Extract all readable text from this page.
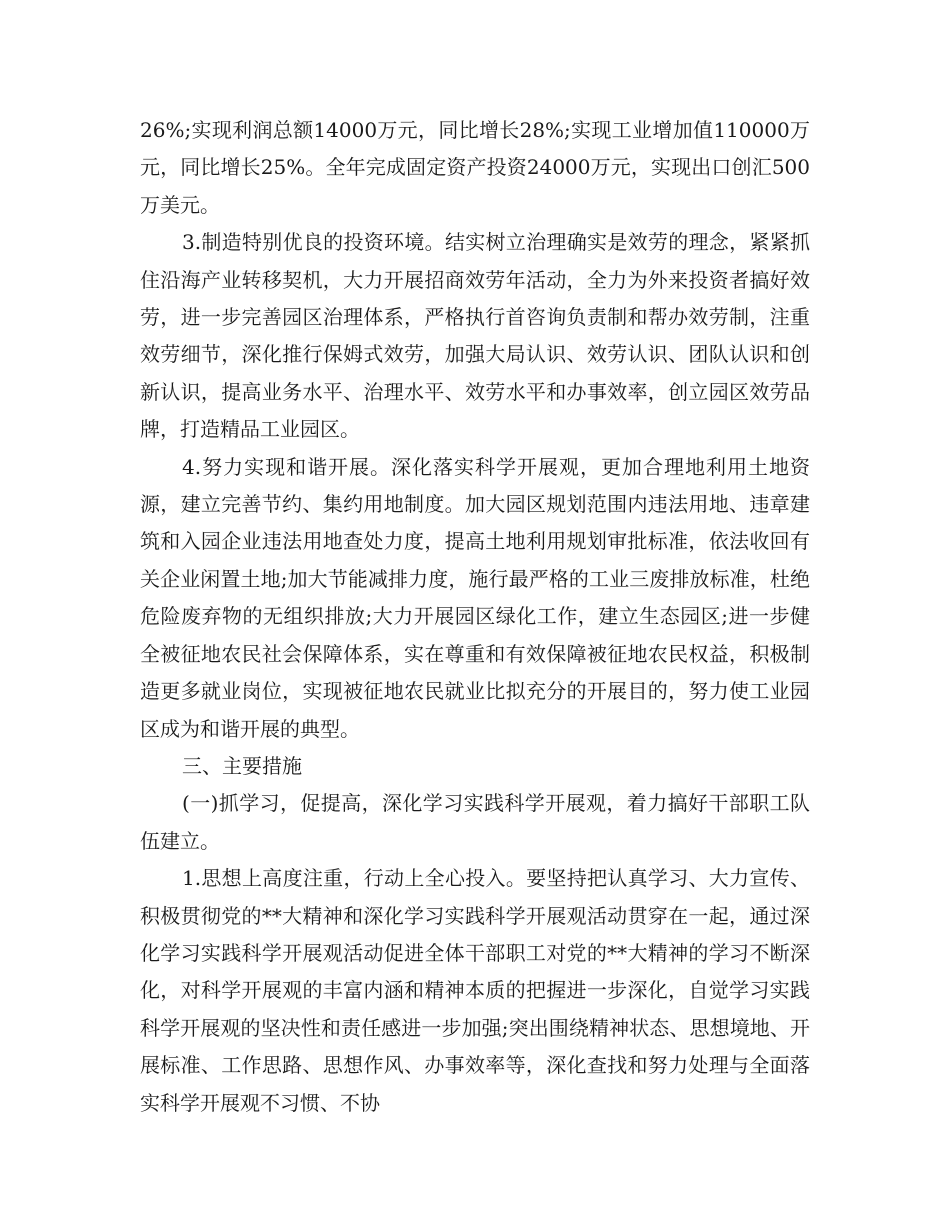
26%;实现利润总额14000万元，同比增长28%;实现工业增加值110000万元，同比增长25%。全年完成固定资产投资24000万元，实现出口创汇500万美元。

3.制造特别优良的投资环境。结实树立治理确实是效劳的理念，紧紧抓住沿海产业转移契机，大力开展招商效劳年活动，全力为外来投资者搞好效劳，进一步完善园区治理体系，严格执行首咨询负责制和帮办效劳制，注重效劳细节，深化推行保姆式效劳，加强大局认识、效劳认识、团队认识和创新认识，提高业务水平、治理水平、效劳水平和办事效率，创立园区效劳品牌，打造精品工业园区。

4.努力实现和谐开展。深化落实科学开展观，更加合理地利用土地资源，建立完善节约、集约用地制度。加大园区规划范围内违法用地、违章建筑和入园企业违法用地查处力度，提高土地利用规划审批标准，依法收回有关企业闲置土地;加大节能减排力度，施行最严格的工业三废排放标准，杜绝危险废弃物的无组织排放;大力开展园区绿化工作，建立生态园区;进一步健全被征地农民社会保障体系，实在尊重和有效保障被征地农民权益，积极制造更多就业岗位，实现被征地农民就业比拟充分的开展目的，努力使工业园区成为和谐开展的典型。

三、主要措施

(一)抓学习，促提高，深化学习实践科学开展观，着力搞好干部职工队伍建立。

1.思想上高度注重，行动上全心投入。要坚持把认真学习、大力宣传、积极贯彻党的**大精神和深化学习实践科学开展观活动贯穿在一起，通过深化学习实践科学开展观活动促进全体干部职工对党的**大精神的学习不断深化，对科学开展观的丰富内涵和精神本质的把握进一步深化，自觉学习实践科学开展观的坚决性和责任感进一步加强;突出围绕精神状态、思想境地、开展标准、工作思路、思想作风、办事效率等，深化查找和努力处理与全面落实科学开展观不习惯、不协
